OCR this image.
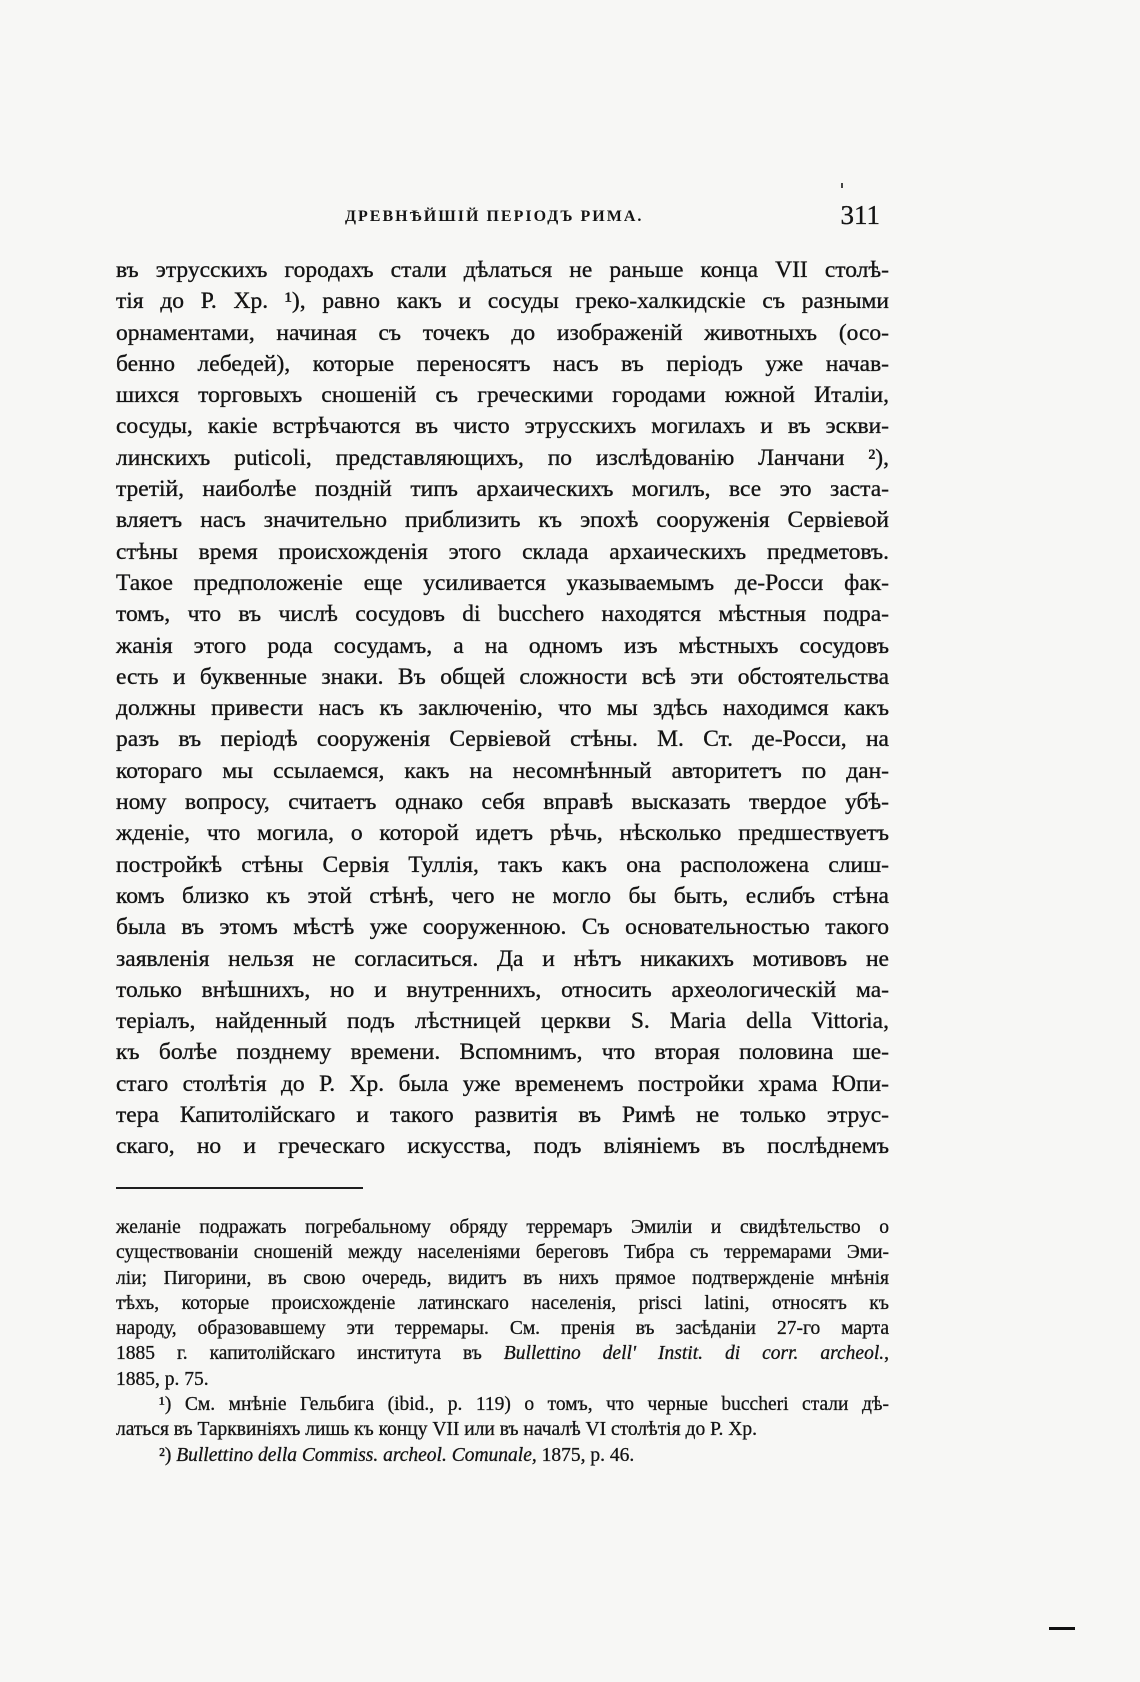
ДРЕВНѢЙШІЙ ПЕРІОДЪ РИМА.	311
въ этрусскихъ городахъ стали дѣлаться не раньше конца VII столѣ-
тія до Р. Хр. ¹), равно какъ и сосуды греко-халкидскіе съ разными
орнаментами, начиная съ точекъ до изображеній животныхъ (осо-
бенно лебедей), которые переносятъ насъ въ періодъ уже начав-
шихся торговыхъ сношеній съ греческими городами южной Италіи,
сосуды, какіе встрѣчаются въ чисто этрусскихъ могилахъ и въ эскви-
линскихъ puticoli, представляющихъ, по изслѣдованію Ланчани ²),
третій, наиболѣе поздній типъ архаическихъ могилъ, все это заста-
вляетъ насъ значительно приблизить къ эпохѣ сооруженія Сервіевой
стѣны время происхожденія этого склада архаическихъ предметовъ.
Такое предположеніе еще усиливается указываемымъ де-Росси фак-
томъ, что въ числѣ сосудовъ di bucchero находятся мѣстныя подра-
жанія этого рода сосудамъ, а на одномъ изъ мѣстныхъ сосудовъ
есть и буквенные знаки. Въ общей сложности всѣ эти обстоятельства
должны привести насъ къ заключенію, что мы здѣсь находимся какъ
разъ въ періодѣ сооруженія Сервіевой стѣны. М. Ст. де-Росси, на
котораго мы ссылаемся, какъ на несомнѣнный авторитетъ по дан-
ному вопросу, считаетъ однако себя вправѣ высказать твердое убѣ-
жденіе, что могила, о которой идетъ рѣчь, нѣсколько предшествуетъ
постройкѣ стѣны Сервія Туллія, такъ какъ она расположена слиш-
комъ близко къ этой стѣнѣ, чего не могло бы быть, еслибъ стѣна
была въ этомъ мѣстѣ уже сооруженною. Съ основательностью такого
заявленія нельзя не согласиться. Да и нѣтъ никакихъ мотивовъ не
только внѣшнихъ, но и внутреннихъ, относить археологическій ма-
теріалъ, найденный подъ лѣстницей церкви S. Maria della Vittoria,
къ болѣе позднему времени. Вспомнимъ, что вторая половина ше-
стаго столѣтія до Р. Хр. была уже временемъ постройки храма Юпи-
тера Капитолійскаго и такого развитія въ Римѣ не только этрус-
скаго, но и греческаго искусства, подъ вліяніемъ въ послѣднемъ
желаніе подражать погребальному обряду терремаръ Эмиліи и свидѣтельство о
существованіи сношеній между населеніями береговъ Тибра съ терремарами Эми-
ліи; Пигорини, въ свою очередь, видитъ въ нихъ прямое подтвержденіе мнѣнія
тѣхъ, которые происхожденіе латинскаго населенія, prisci latini, относятъ къ
народу, образовавшему эти терремары. См. пренія въ засѣданіи 27-го марта
1885 г. капитолійскаго института въ Bullettino dell' Instit. di corr. archeol.,
1885, p. 75.
¹) См. мнѣніе Гельбига (ibid., p. 119) о томъ, что черные buccheri стали дѣ-
латься въ Тарквиніяхъ лишь къ концу VII или въ началѣ VI столѣтія до Р. Хр.
²) Bullettino della Commiss. archeol. Comunale, 1875, p. 46.
